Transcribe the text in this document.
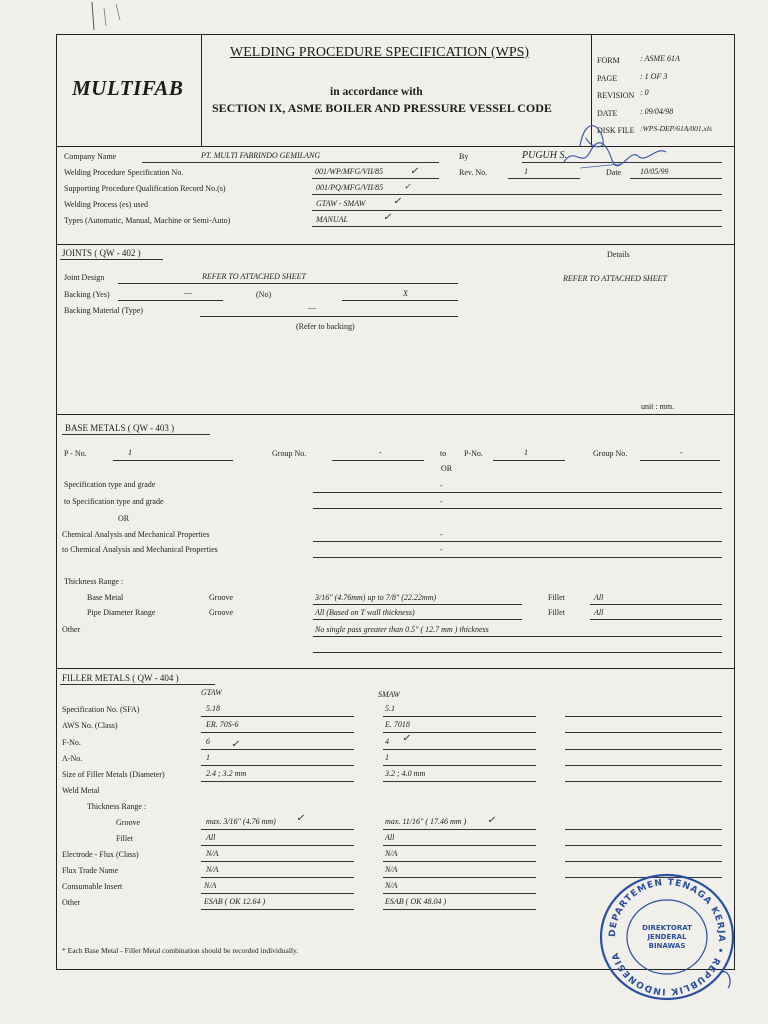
MULTIFAB
WELDING PROCEDURE SPECIFICATION (WPS)
in accordance with
SECTION IX, ASME BOILER AND PRESSURE VESSEL CODE
FORM	: ASME 61A
PAGE	: 1 OF 3
REVISION : 0
DATE	: 09/04/98
DISK FILE :WPS-DEP/61A/001.xls
Company Name	PT. MULTI FABRINDO GEMILANG	By	PUGUH S.
Welding Procedure Specification No.	001/WP/MFG/VII/85	Rev. No.	1	Date 10/05/99
Supporting Procedure Qualification Record No.(s)	001/PQ/MFG/VII/85
Welding Process (es) used	GTAW - SMAW
Types (Automatic, Manual, Machine or Semi-Auto)	MANUAL
JOINTS ( QW - 402 )	Details
Joint Design	REFER TO ATTACHED SHEET	REFER TO ATTACHED SHEET
Backing (Yes)	—	(No)	X
Backing Material (Type)	—
(Refer to backing)
unit : mm.
BASE METALS ( QW - 403 )
P - No.	1	Group No.	-	to P-No.	1	Group No.	-
OR
Specification type and grade	-
to Specification type and grade	-
OR
Chemical Analysis and Mechanical Properties	-
to Chemical Analysis and Mechanical Properties	-
Thickness Range :
Base Metal	Groove	3/16" (4.76mm) up to 7/8" (22.22mm)	Fillet	All
Pipe Diameter Range	Groove	All (Based on T wall thickness)	Fillet	All
Other	No single pass greater than 0.5" ( 12.7 mm ) thickness
FILLER METALS ( QW - 404 )
GTAW	SMAW
Specification No. (SFA)	5.18	5.1
AWS No. (Class)	ER. 70S-6	E. 7018
F-No.	6	4
A-No.	1	1
Size of Filler Metals (Diameter)	2.4 ; 3.2 mm	3.2 ; 4.0 mm
Weld Metal
Thickness Range :
Groove	max. 3/16" (4.76 mm)	max. 11/16" ( 17.46 mm )
Fillet	All	All
Electrode - Flux (Class)	N/A	N/A
Flux Trade Name	N/A	N/A
Consumable Insert	N/A	N/A
Other	ESAB ( OK 12.64 )	ESAB ( OK 48.04 )
* Each Base Metal - Filler Metal combination should be recorded individually.
✓
✓
✓
✓
✓
✓
✓	✓
DEPARTEMEN TENAGA KERJA • REPUBLIK INDONESIA
DIREKTORAT
JENDERAL
BINAWAS
